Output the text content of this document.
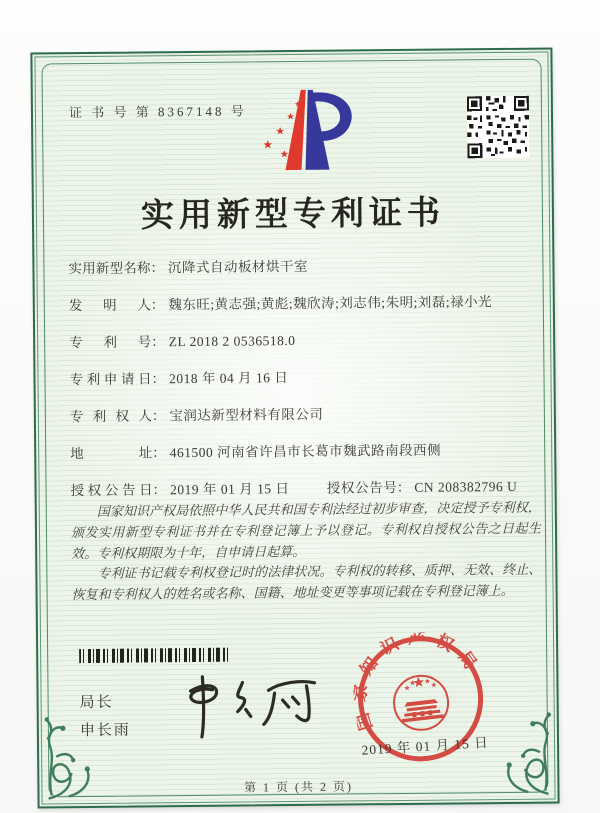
证 书 号 第 8367148 号
实用新型专利证书
实用新型名称： 沉降式自动板材烘干室
发明人： 魏东旺;黄志强;黄彪;魏欣涛;刘志伟;朱明;刘磊;禄小光
专利号： ZL 2018 2 0536518.0
专利申请日： 2018 年 04 月 16 日
专利权人： 宝润达新型材料有限公司
地址： 461500 河南省许昌市长葛市魏武路南段西侧
授权公告日： 2019 年 01 月 15 日	授权公告号： CN 208382796 U

国家知识产权局依照中华人民共和国专利法经过初步审查，决定授予专利权，颁发实用新型专利证书并在专利登记簿上予以登记。专利权自授权公告之日起生效。专利权期限为十年，自申请日起算。

专利证书记载专利权登记时的法律状况。专利权的转移、质押、无效、终止、恢复和专利权人的姓名或名称、国籍、地址变更等事项记载在专利登记簿上。

局长
申长雨	国家知识产权局
2019 年 01 月 15 日
第 1 页 (共 2 页)
